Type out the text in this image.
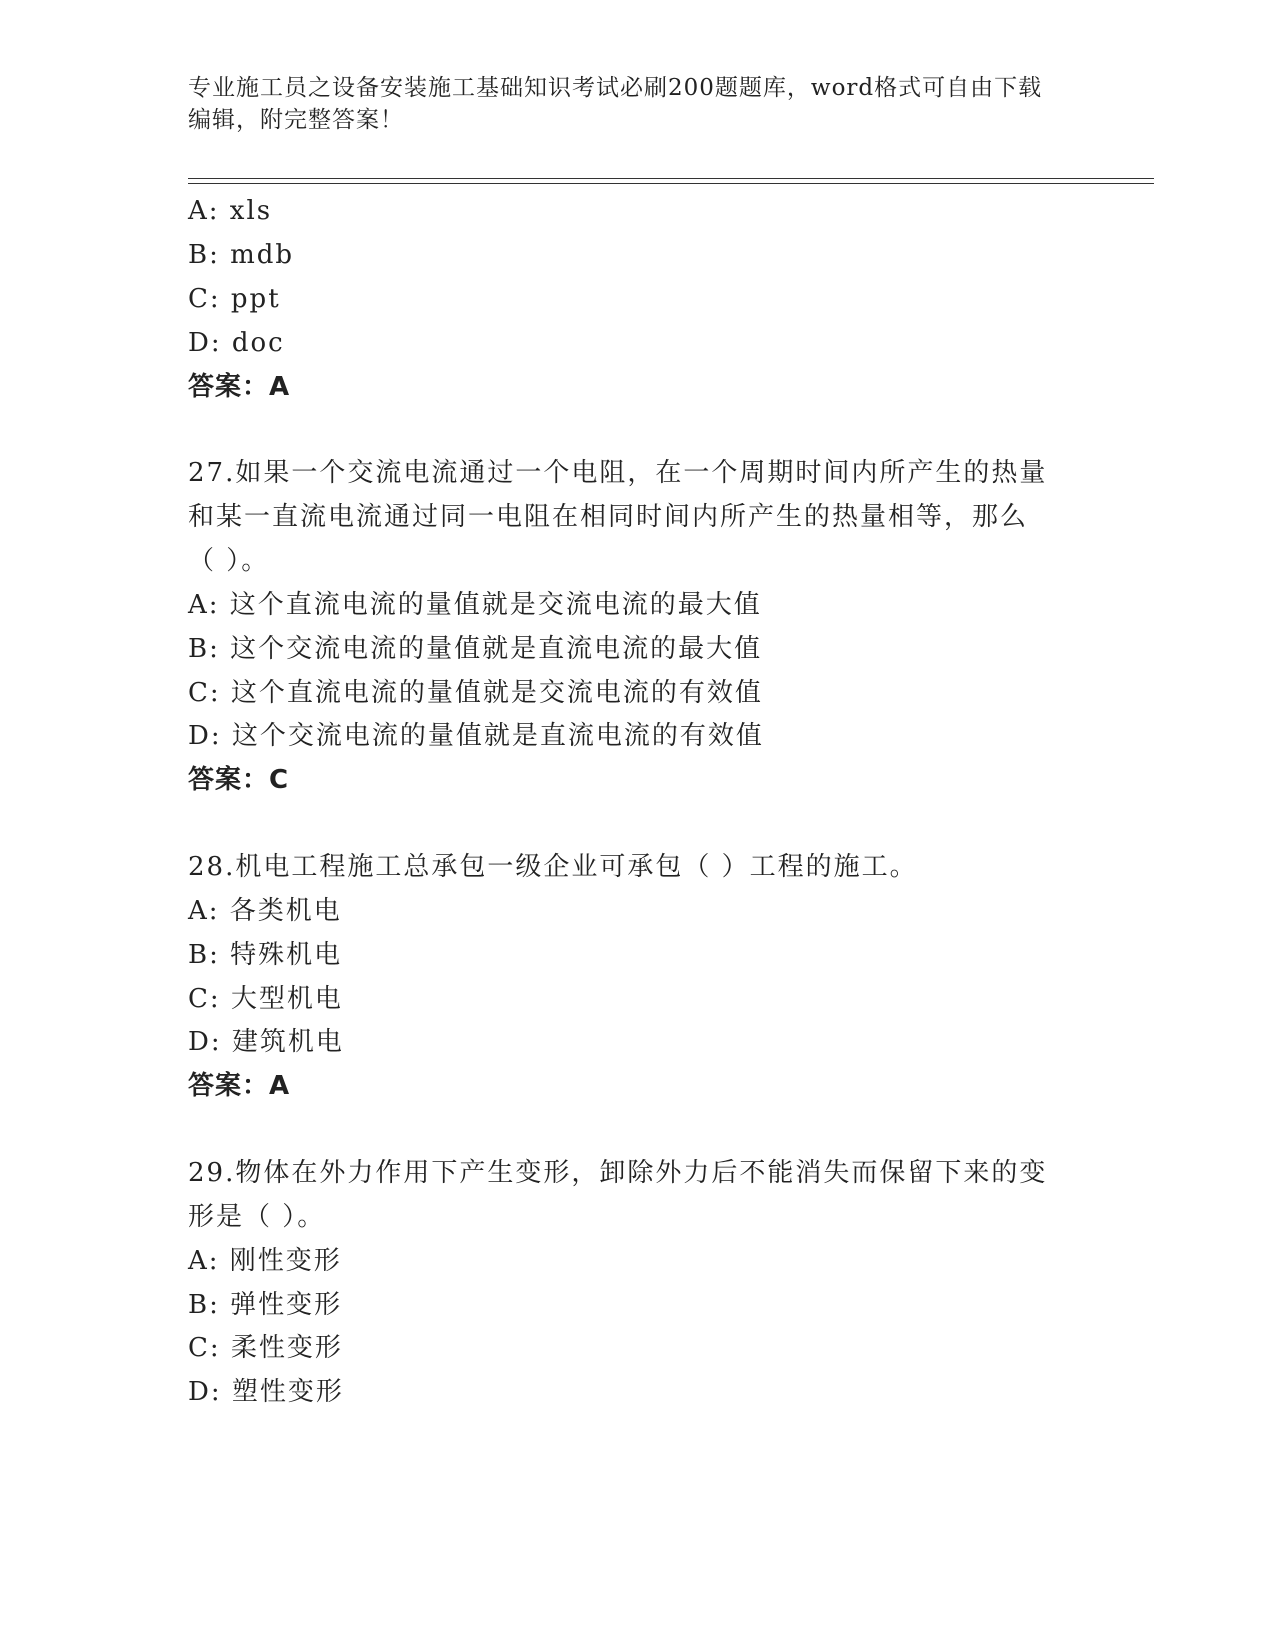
专业施工员之设备安装施工基础知识考试必刷200题题库，word格式可自由下载
编辑，附完整答案！
A: xls
B: mdb
C: ppt
D: doc
答案：A
27.如果一个交流电流通过一个电阻，在一个周期时间内所产生的热量
和某一直流电流通过同一电阻在相同时间内所产生的热量相等，那么
（ ）。
A: 这个直流电流的量值就是交流电流的最大值
B: 这个交流电流的量值就是直流电流的最大值
C: 这个直流电流的量值就是交流电流的有效值
D: 这个交流电流的量值就是直流电流的有效值
答案：C
28.机电工程施工总承包一级企业可承包（ ）工程的施工。
A: 各类机电
B: 特殊机电
C: 大型机电
D: 建筑机电
答案：A
29.物体在外力作用下产生变形，卸除外力后不能消失而保留下来的变
形是（ ）。
A: 刚性变形
B: 弹性变形
C: 柔性变形
D: 塑性变形
